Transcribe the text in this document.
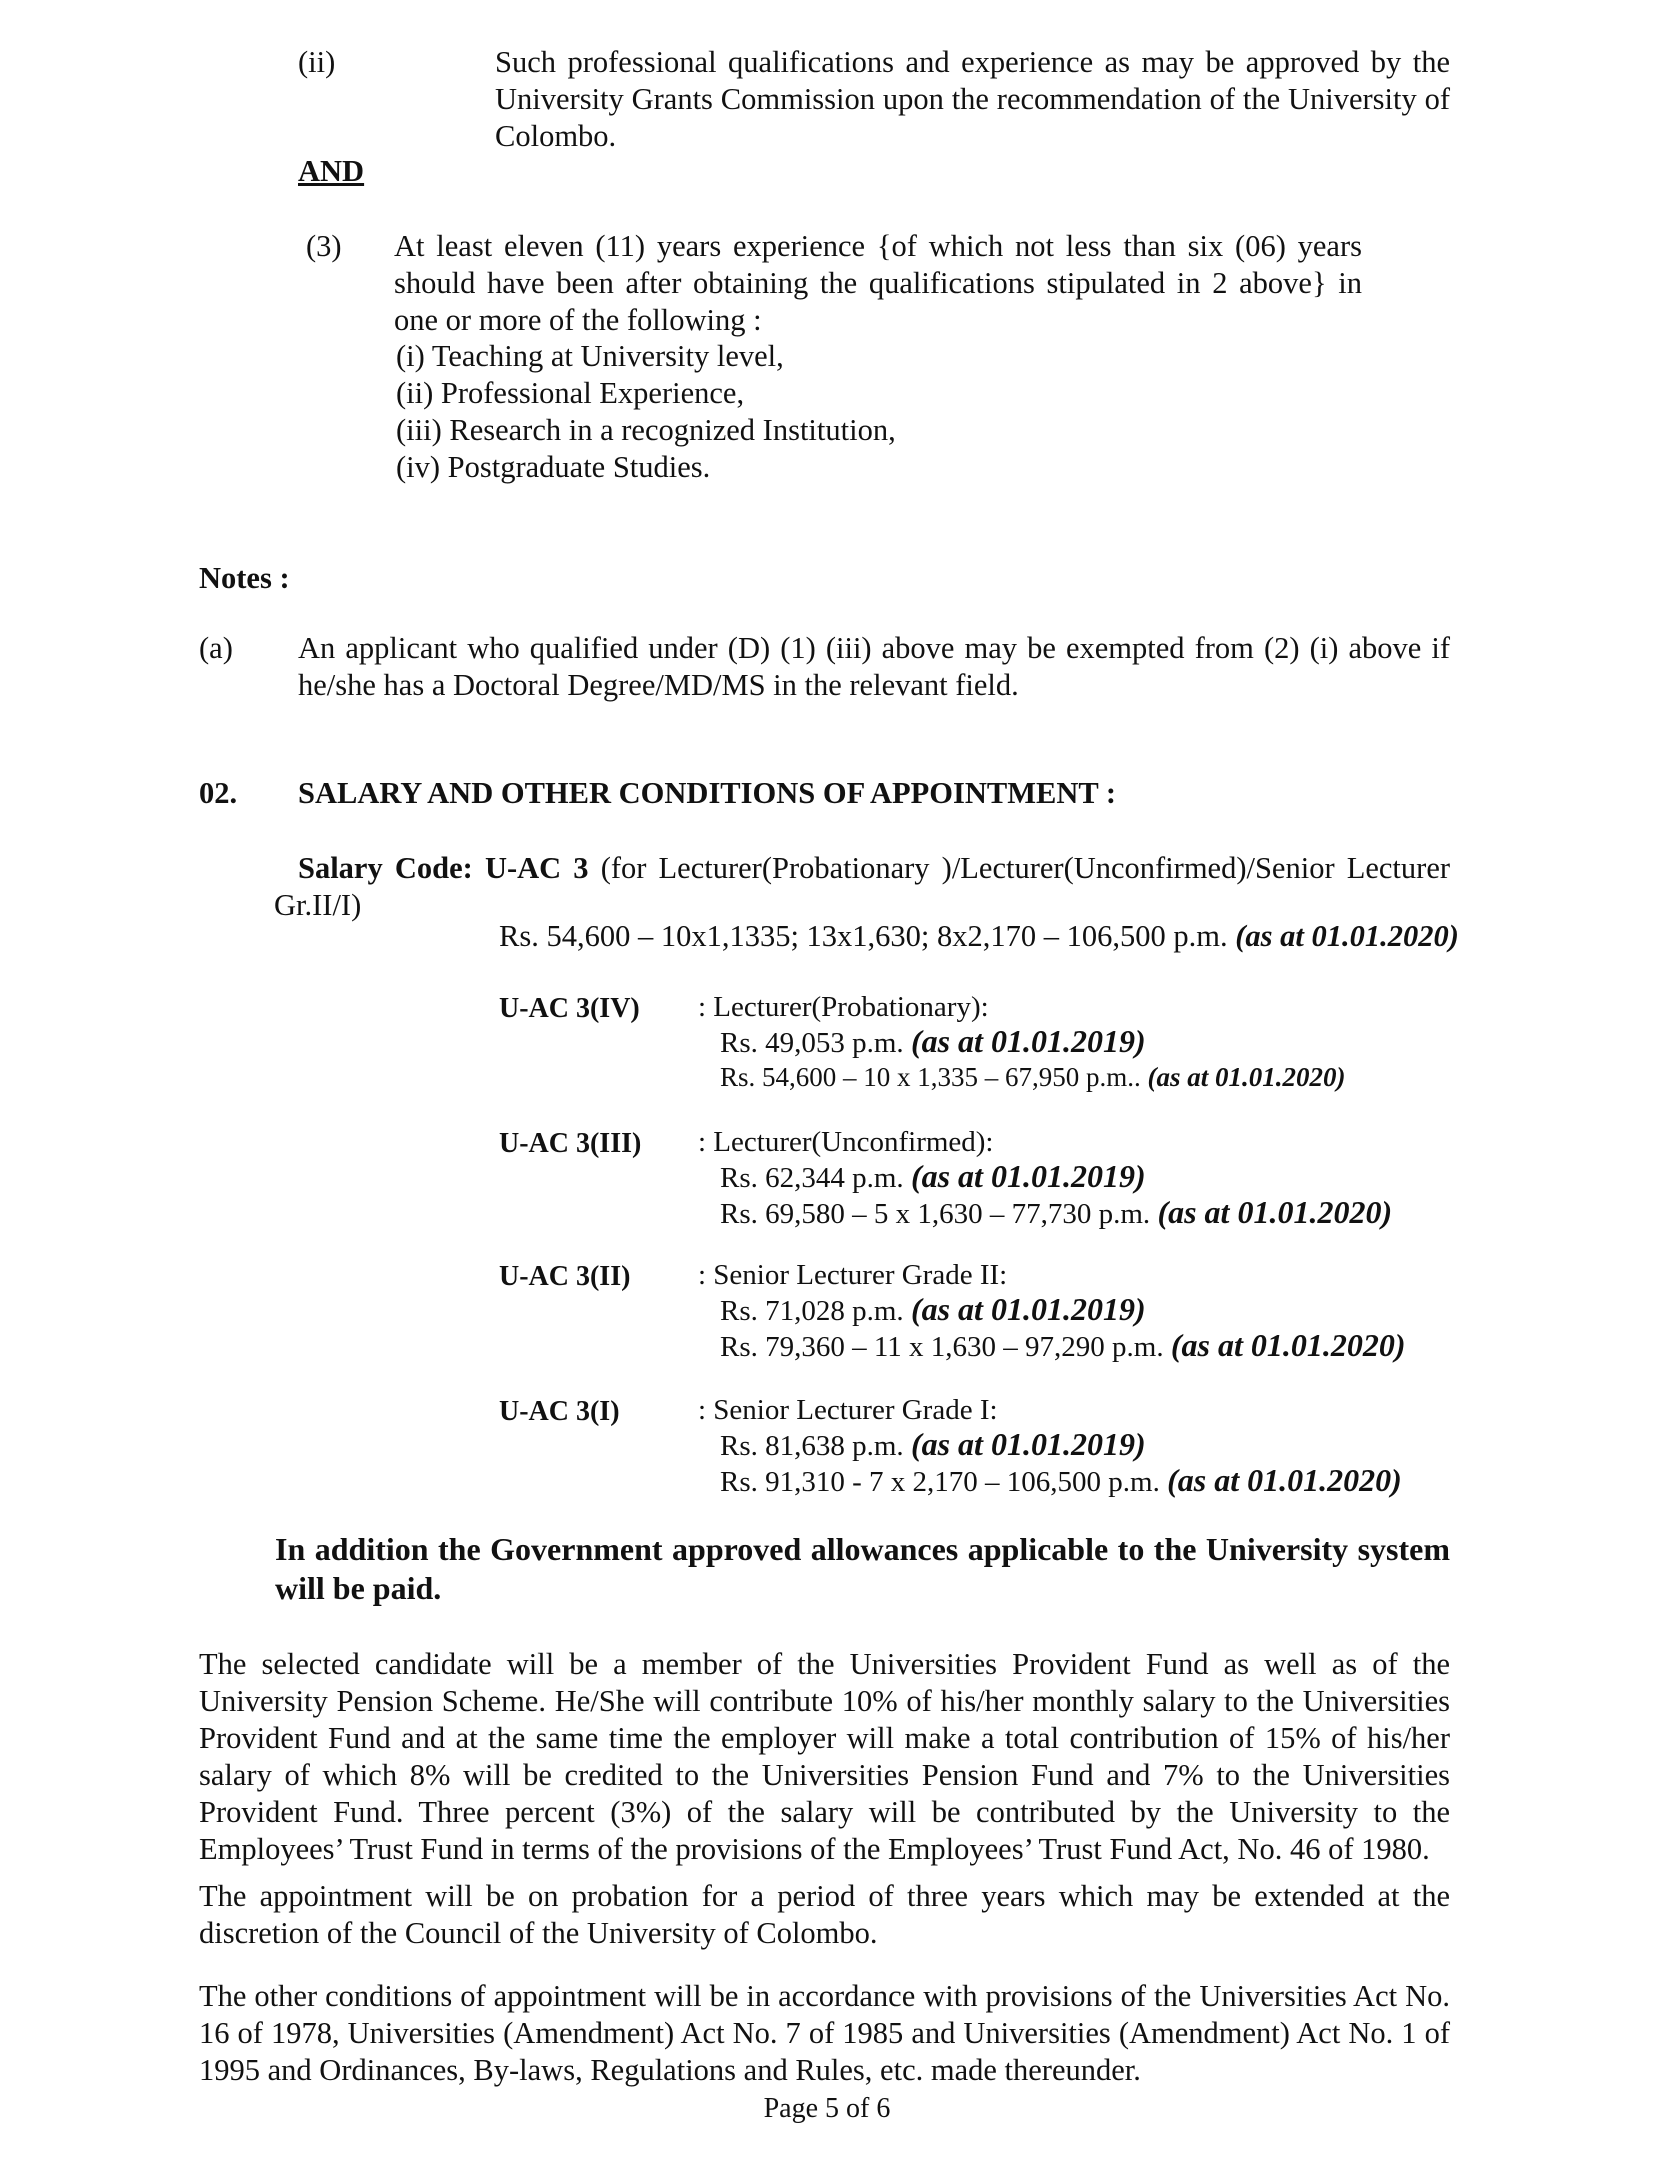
(ii)	Such professional qualifications and experience as may be approved by the University Grants Commission upon the recommendation of the University of Colombo.

AND
(3) At least eleven (11) years experience {of which not less than six (06) years should have been after obtaining the qualifications stipulated in 2 above} in one or more of the following :

(i) Teaching at University level,
(ii) Professional Experience,
(iii) Research in a recognized Institution,
(iv) Postgraduate Studies.
Notes :
(a) An applicant who qualified under (D) (1) (iii) above may be exempted from (2) (i) above if he/she has a Doctoral Degree/MD/MS in the relevant field.

02. SALARY AND OTHER CONDITIONS OF APPOINTMENT :

Salary Code: U-AC 3 (for Lecturer(Probationary )/Lecturer(Unconfirmed)/Senior Lecturer Gr.II/I)

Rs. 54,600 – 10x1,1335; 13x1,630; 8x2,170 – 106,500 p.m. (as at 01.01.2020)
U-AC 3(IV) : Lecturer(Probationary):
Rs. 49,053 p.m. (as at 01.01.2019)
Rs. 54,600 – 10 x 1,335 – 67,950 p.m.. (as at 01.01.2020)
U-AC 3(III) : Lecturer(Unconfirmed):
Rs. 62,344 p.m. (as at 01.01.2019)
Rs. 69,580 – 5 x 1,630 – 77,730 p.m. (as at 01.01.2020)
U-AC 3(II) : Senior Lecturer Grade II:
Rs. 71,028 p.m. (as at 01.01.2019)
Rs. 79,360 – 11 x 1,630 – 97,290 p.m. (as at 01.01.2020)
U-AC 3(I)	: Senior Lecturer Grade I:
Rs. 81,638 p.m. (as at 01.01.2019)
Rs. 91,310 - 7 x 2,170 – 106,500 p.m. (as at 01.01.2020)

In addition the Government approved allowances applicable to the University system will be paid.

The selected candidate will be a member of the Universities Provident Fund as well as of the University Pension Scheme. He/She will contribute 10% of his/her monthly salary to the Universities Provident Fund and at the same time the employer will make a total contribution of 15% of his/her salary of which 8% will be credited to the Universities Pension Fund and 7% to the Universities Provident Fund. Three percent (3%) of the salary will be contributed by the University to the Employees’ Trust Fund in terms of the provisions of the Employees’ Trust Fund Act, No. 46 of 1980.

The appointment will be on probation for a period of three years which may be extended at the discretion of the Council of the University of Colombo.

The other conditions of appointment will be in accordance with provisions of the Universities Act No. 16 of 1978, Universities (Amendment) Act No. 7 of 1985 and Universities (Amendment) Act No. 1 of 1995 and Ordinances, By-laws, Regulations and Rules, etc. made thereunder.

Page 5 of 6
